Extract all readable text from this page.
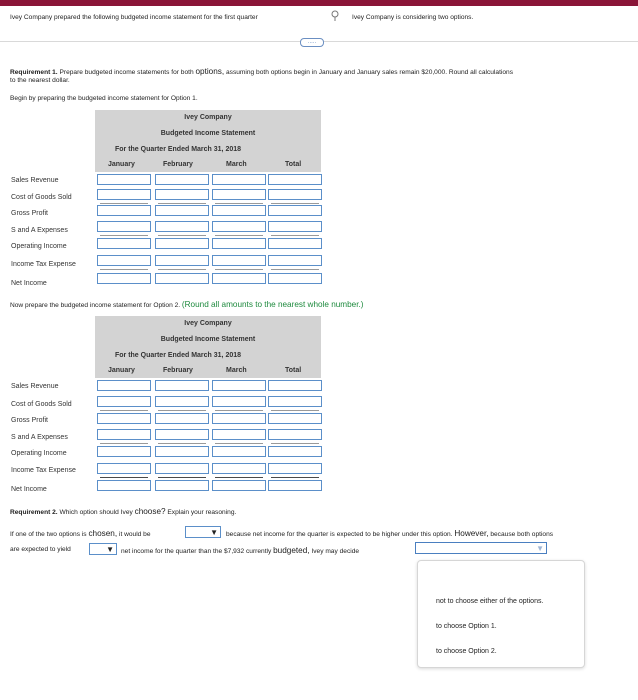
Ivey Company prepared the following budgeted income statement for the first quarter	Ivey Company is considering two options.
.....
Requirement 1. Prepare budgeted income statements for both options, assuming both options begin in January and January sales remain $20,000. Round all calculations
to the nearest dollar.
Begin by preparing the budgeted income statement for Option 1.
Ivey Company
Budgeted Income Statement
For the Quarter Ended March 31, 2018
January	February	March	Total
Sales Revenue
Cost of Goods Sold
Gross Profit
S and A Expenses
Operating Income
Income Tax Expense
Net Income
Now prepare the budgeted income statement for Option 2. (Round all amounts to the nearest whole number.)
Ivey Company
Budgeted Income Statement
For the Quarter Ended March 31, 2018
January	February	March	Total
Sales Revenue
Cost of Goods Sold
Gross Profit
S and A Expenses
Operating Income
Income Tax Expense
Net Income
Requirement 2. Which option should Ivey choose? Explain your reasoning.
If one of the two options is chosen, it would be	▼ because net income for the quarter is expected to be higher under this option. However, because both options
are expected to yield	▼ net income for the quarter than the $7,932 currently budgeted, Ivey may decide	▼
not to choose either of the options.
to choose Option 1.
to choose Option 2.
